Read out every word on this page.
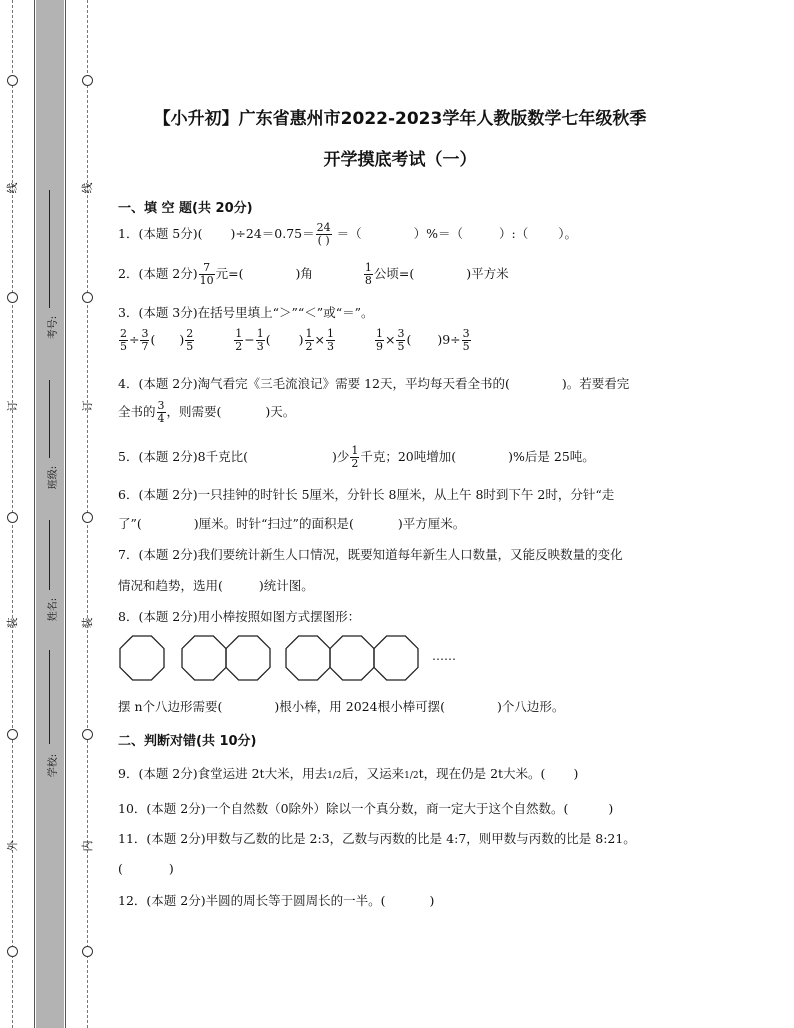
线
订
装
外
线
订
装
内
考号:
班级:
姓名:
学校:
【小升初】广东省惠州市2022-2023学年人教版数学七年级秋季
开学摸底考试（一）
一、填 空 题(共 20分)
1．(本题 5分)( )$\div 24=0.75= \frac{24}{( )}$ ＝（	）%＝（	）:（ ）。
2．(本题 2分) $\frac{7}{10}$ 元=(	)角	$\frac{1}{8}$ 公顷=(	)平方米
3．(本题 3分)在括号里填上“＞”“＜”或“＝”。
$\frac{2}{5} \div \frac{3}{7}$ ( ) $\frac{2}{5}$
	$\frac{1}{2} - \frac{1}{3}$ ( ) $\frac{1}{2} \times \frac{1}{3}$
	$\frac{1}{9} \times \frac{3}{5}$ ( )$9\div \frac{3}{5}$
4．(本题 2分)淘气看完《三毛流浪记》需要 12天，平均每天看全书的(	)。若要看完
全书的 $\frac{3}{4}$ ，则需要(	)天。
5．(本题 2分)8千克比(	)少 $\frac{1}{2}$ 千克；20吨增加(	)%后是 25吨。
6．(本题 2分)一只挂钟的时针长 5厘米，分针长 8厘米，从上午 8时到下午 2时，分针“走
了”(	)厘米。时针“扫过”的面积是(	)平方厘米。
7．(本题 2分)我们要统计新生人口情况，既要知道每年新生人口数量，又能反映数量的变化
情况和趋势，选用(	)统计图。
8．(本题 2分)用小棒按照如图方式摆图形：
……
摆 n个八边形需要(	)根小棒，用 2024根小棒可摆(	)个八边形。
二、判断对错(共 10分)
9．(本题 2分)食堂运进 2t大米，用去1/2后，又运来1/2t，现在仍是 2t大米。( )
10．(本题 2分)一个自然数（0除外）除以一个真分数，商一定大于这个自然数。(	)
11．(本题 2分)甲数与乙数的比是 2:3，乙数与丙数的比是 4:7，则甲数与丙数的比是 8:21。
(	)
12．(本题 2分)半圆的周长等于圆周长的一半。(	)
